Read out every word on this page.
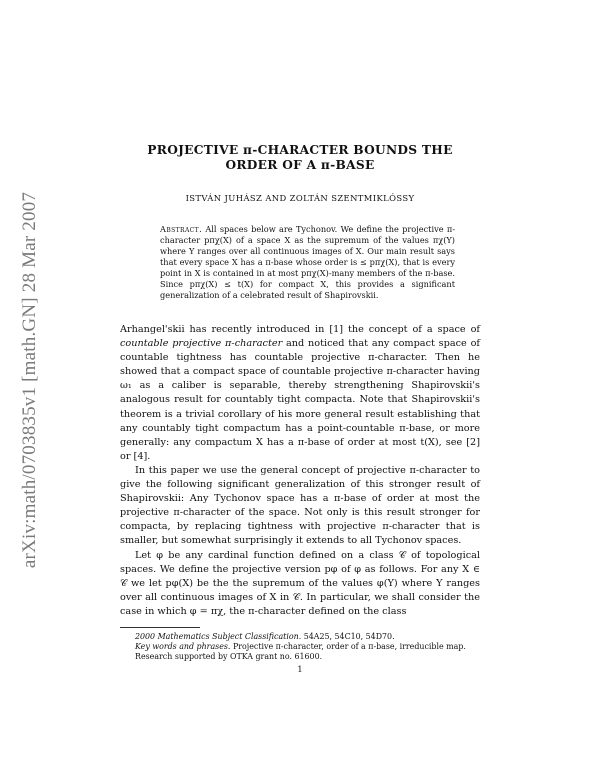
arXiv:math/0703835v1 [math.GN] 28 Mar 2007
PROJECTIVE π-CHARACTER BOUNDS THE ORDER OF A π-BASE
ISTVÁN JUHÁSZ AND ZOLTÁN SZENTMIKLÓSSY
Abstract. All spaces below are Tychonov. We define the projective π-character pπχ(X) of a space X as the supremum of the values πχ(Y) where Y ranges over all continuous images of X. Our main result says that every space X has a π-base whose order is ≤ pπχ(X), that is every point in X is contained in at most pπχ(X)-many members of the π-base. Since pπχ(X) ≤ t(X) for compact X, this provides a significant generalization of a celebrated result of Shapirovskii.

Arhangel'skii has recently introduced in [1] the concept of a space of countable projective π-character and noticed that any compact space of countable tightness has countable projective π-character. Then he showed that a compact space of countable projective π-character having ω₁ as a caliber is separable, thereby strengthening Shapirovskii's analogous result for countably tight compacta. Note that Shapirovskii's theorem is a trivial corollary of his more general result establishing that any countably tight compactum has a point-countable π-base, or more generally: any compactum X has a π-base of order at most t(X), see [2] or [4].

In this paper we use the general concept of projective π-character to give the following significant generalization of this stronger result of Shapirovskii: Any Tychonov space has a π-base of order at most the projective π-character of the space. Not only is this result stronger for compacta, by replacing tightness with projective π-character that is smaller, but somewhat surprisingly it extends to all Tychonov spaces.

Let φ be any cardinal function defined on a class 𝒞 of topological spaces. We define the projective version pφ of φ as follows. For any X ∈ 𝒞 we let pφ(X) be the the supremum of the values φ(Y) where Y ranges over all continuous images of X in 𝒞. In particular, we shall consider the case in which φ = πχ, the π-character defined on the class

2000 Mathematics Subject Classification. 54A25, 54C10, 54D70.

Key words and phrases. Projective π-character, order of a π-base, irreducible map.

Research supported by OTKA grant no. 61600.

1
